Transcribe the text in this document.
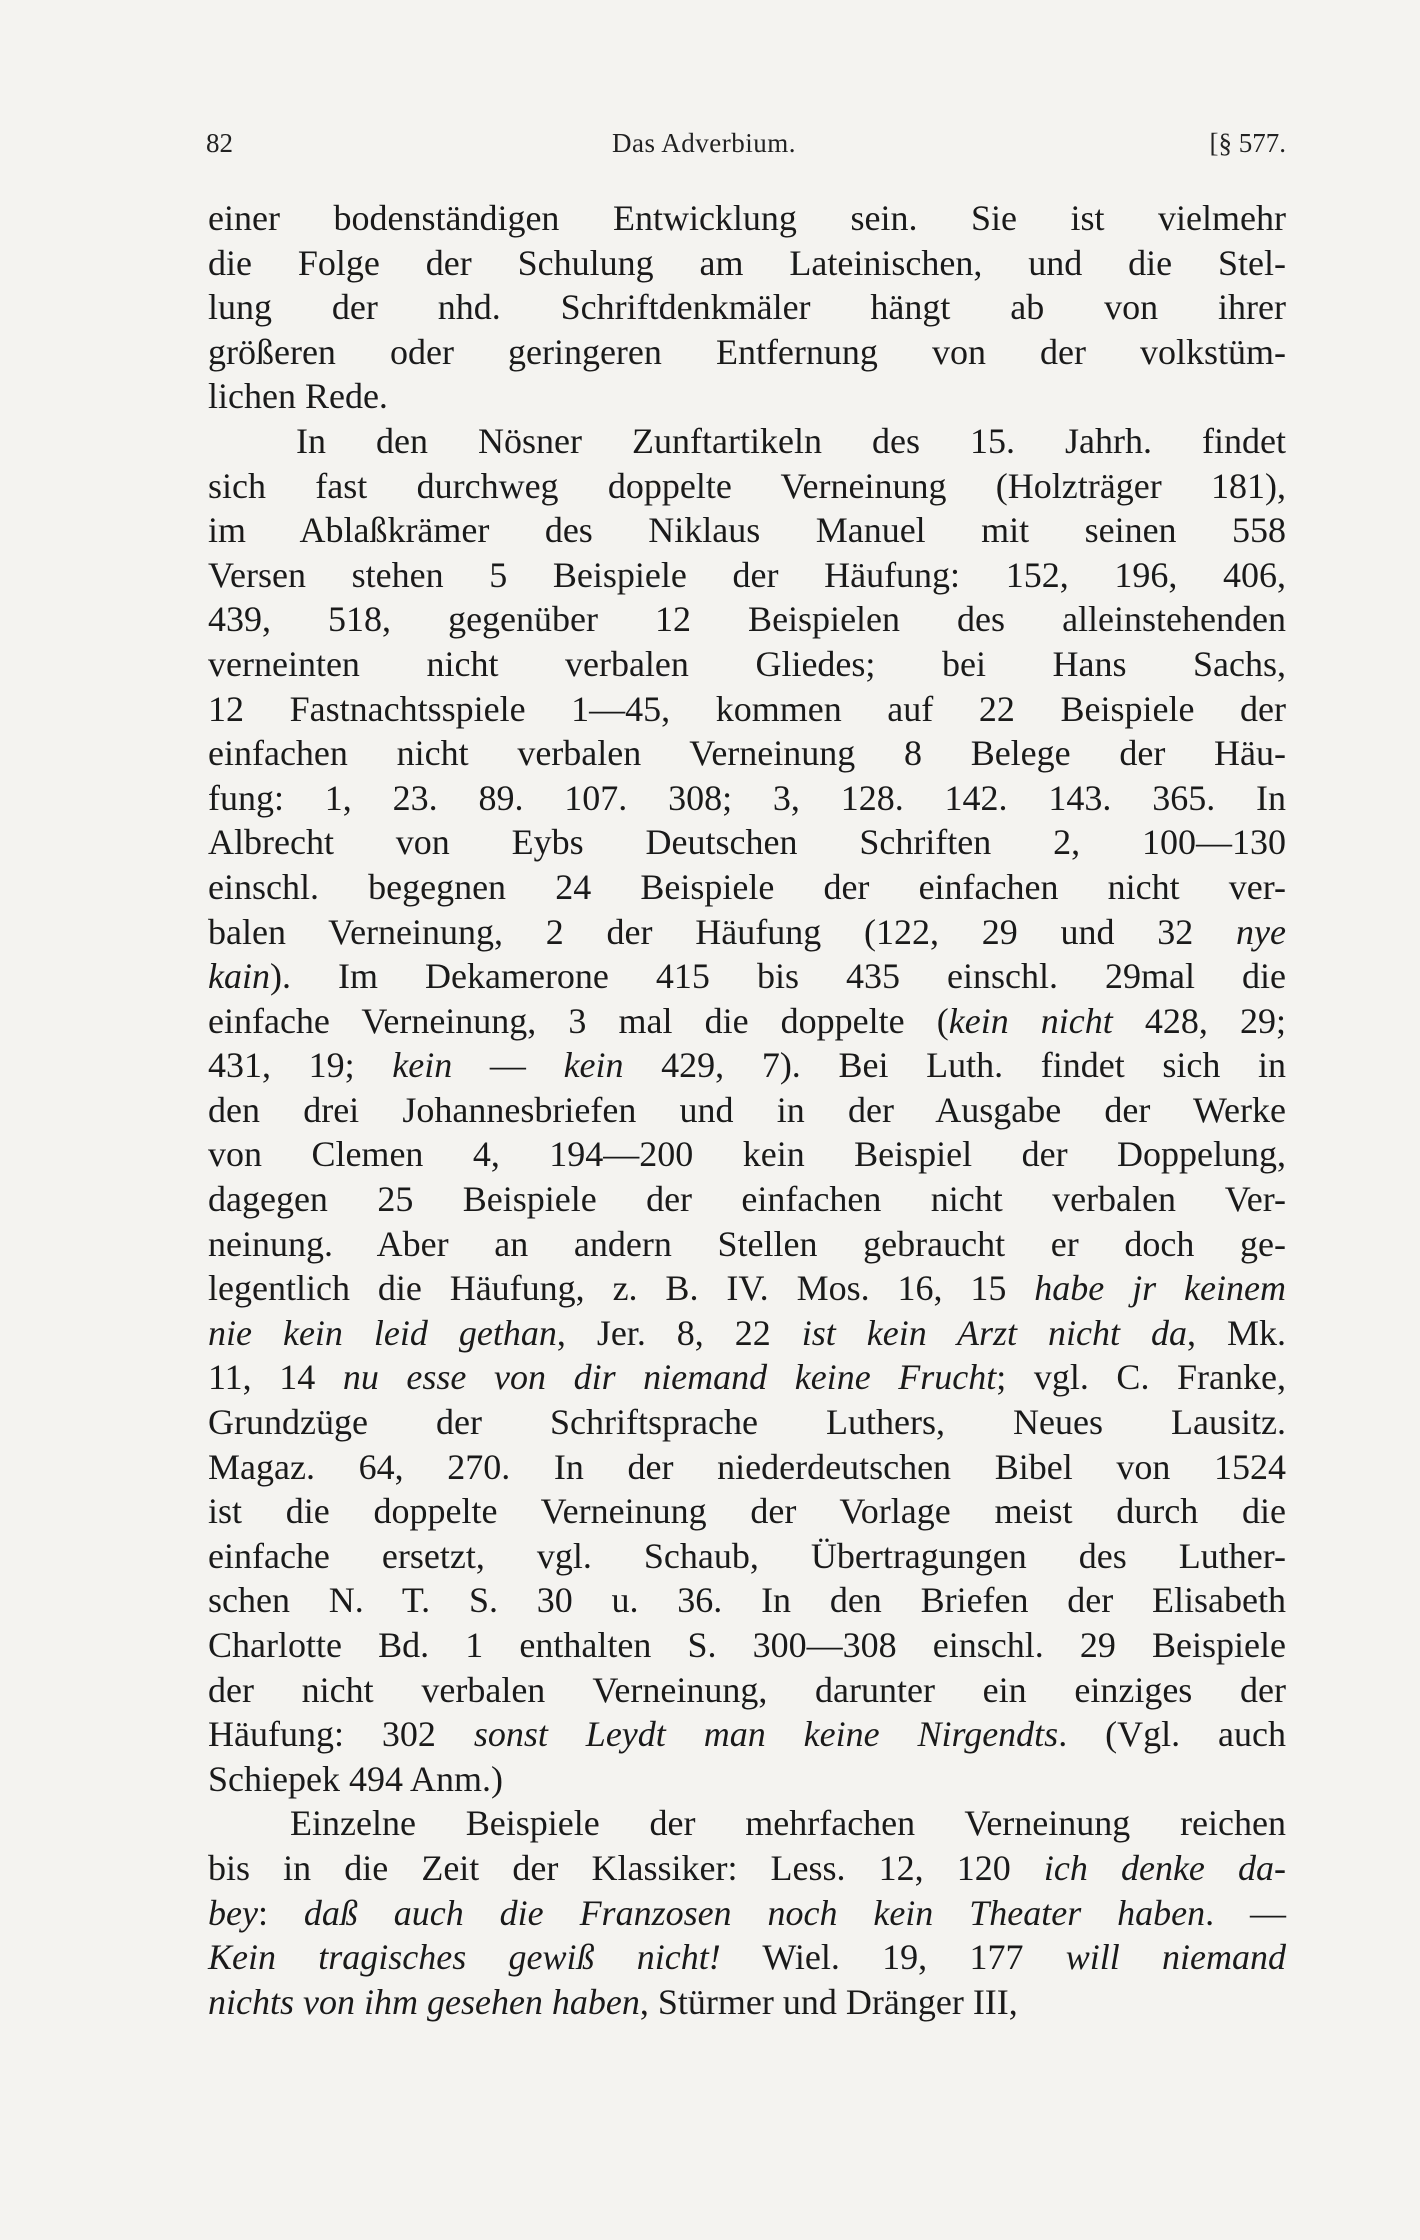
82	Das Adverbium.	[§ 577.
einer bodenständigen Entwicklung sein. Sie ist vielmehr
die Folge der Schulung am Lateinischen, und die Stel-
lung der nhd. Schriftdenkmäler hängt ab von ihrer
größeren oder geringeren Entfernung von der volkstüm-
lichen Rede.
In den Nösner Zunftartikeln des 15. Jahrh. findet
sich fast durchweg doppelte Verneinung (Holzträger 181),
im Ablaßkrämer des Niklaus Manuel mit seinen 558
Versen stehen 5 Beispiele der Häufung: 152, 196, 406,
439, 518, gegenüber 12 Beispielen des alleinstehenden
verneinten nicht verbalen Gliedes; bei Hans Sachs,
12 Fastnachtsspiele 1—45, kommen auf 22 Beispiele der
einfachen nicht verbalen Verneinung 8 Belege der Häu-
fung: 1, 23. 89. 107. 308; 3, 128. 142. 143. 365. In
Albrecht von Eybs Deutschen Schriften 2, 100—130
einschl. begegnen 24 Beispiele der einfachen nicht ver-
balen Verneinung, 2 der Häufung (122, 29 und 32 nye
kain). Im Dekamerone 415 bis 435 einschl. 29mal die
einfache Verneinung, 3 mal die doppelte (kein nicht 428, 29;
431, 19; kein — kein 429, 7). Bei Luth. findet sich in
den drei Johannesbriefen und in der Ausgabe der Werke
von Clemen 4, 194—200 kein Beispiel der Doppelung,
dagegen 25 Beispiele der einfachen nicht verbalen Ver-
neinung. Aber an andern Stellen gebraucht er doch ge-
legentlich die Häufung, z. B. IV. Mos. 16, 15 habe jr keinem
nie kein leid gethan, Jer. 8, 22 ist kein Arzt nicht da, Mk.
11, 14 nu esse von dir niemand keine Frucht; vgl. C. Franke,
Grundzüge der Schriftsprache Luthers, Neues Lausitz.
Magaz. 64, 270. In der niederdeutschen Bibel von 1524
ist die doppelte Verneinung der Vorlage meist durch die
einfache ersetzt, vgl. Schaub, Übertragungen des Luther-
schen N. T. S. 30 u. 36. In den Briefen der Elisabeth
Charlotte Bd. 1 enthalten S. 300—308 einschl. 29 Beispiele
der nicht verbalen Verneinung, darunter ein einziges der
Häufung: 302 sonst Leydt man keine Nirgendts. (Vgl. auch
Schiepek 494 Anm.)
Einzelne Beispiele der mehrfachen Verneinung reichen
bis in die Zeit der Klassiker: Less. 12, 120 ich denke da-
bey: daß auch die Franzosen noch kein Theater haben. —
Kein tragisches gewiß nicht! Wiel. 19, 177 will niemand
nichts von ihm gesehen haben, Stürmer und Dränger III,
